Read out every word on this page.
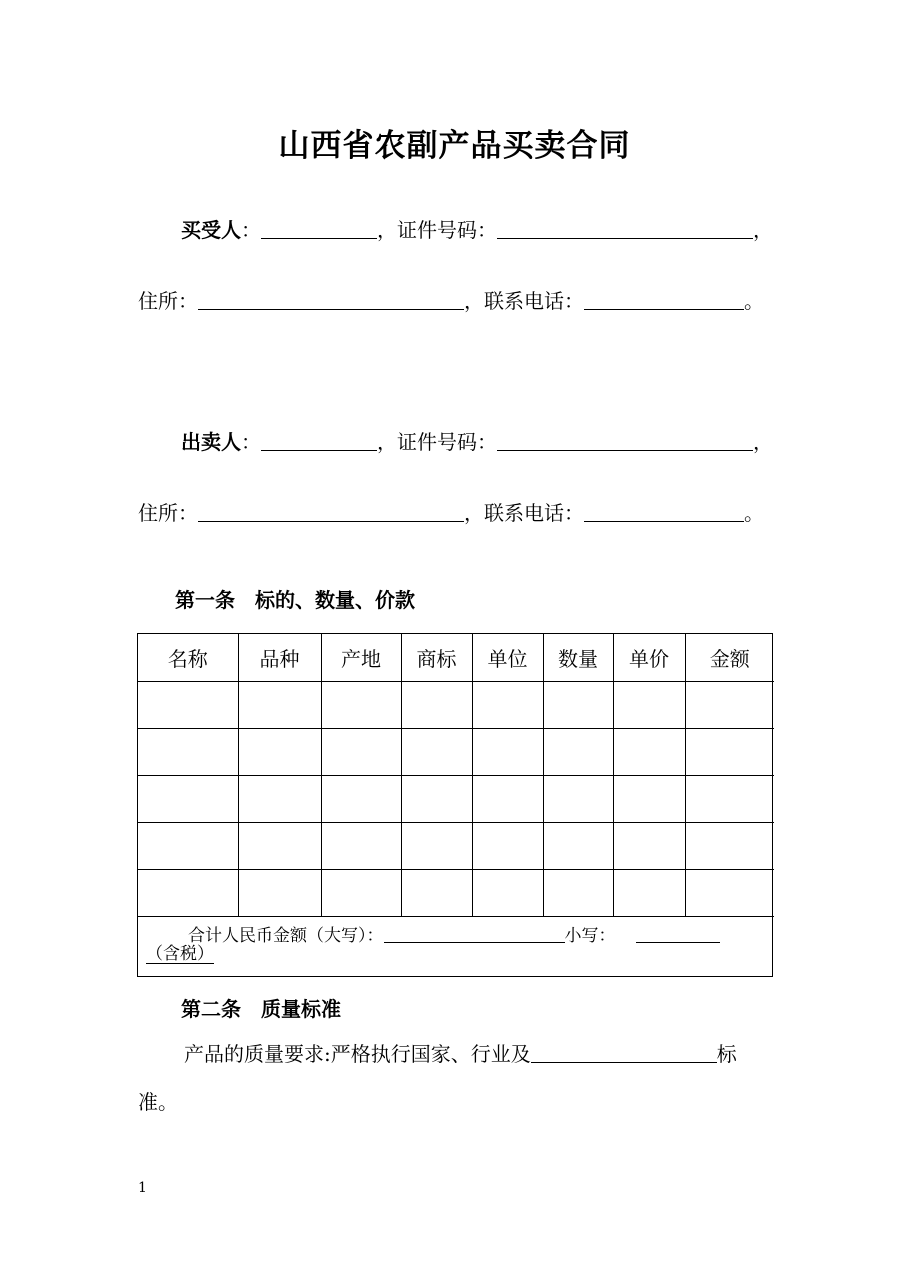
山西省农副产品买卖合同
买受人：	，证件号码：	，
住所：	，联系电话：	。
出卖人：	，证件号码：	，
住所：	，联系电话：	。
第一条　标的、数量、价款
名称	品种	产地	商标	单位	数量	单价	金额

合计人民币金额（大写）：	小写：
（含税）
第二条　质量标准
产品的质量要求:严格执行国家、行业及	标
准。
1
